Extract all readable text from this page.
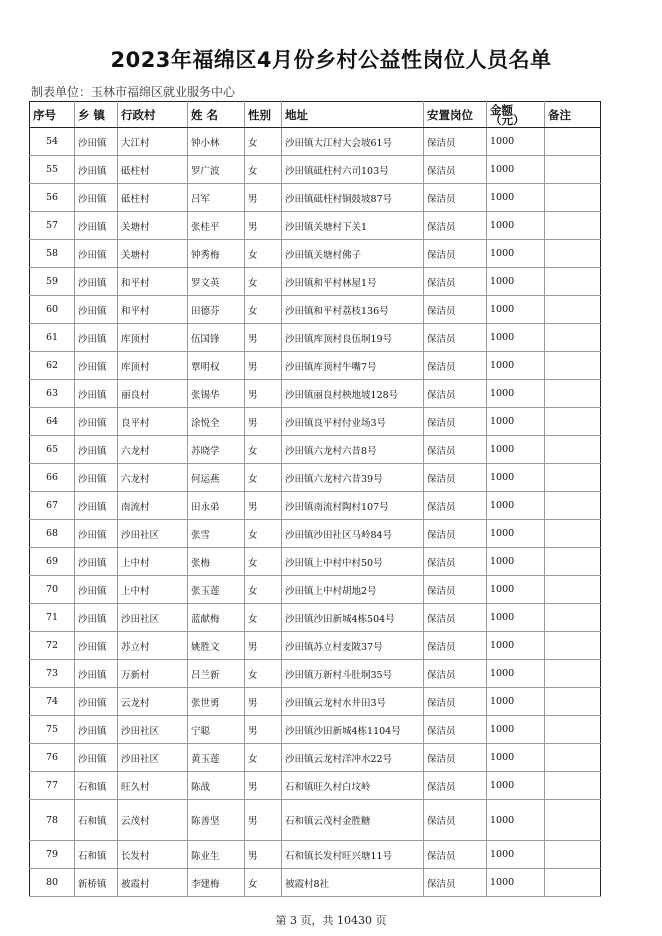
2023年福绵区4月份乡村公益性岗位人员名单
制表单位：玉林市福绵区就业服务中心
序号	乡 镇	行政村	姓 名	性别	地址	安置岗位	金额（元）	备注
54	沙田镇	大江村	钟小林	女	沙田镇大江村大会坡61号	保洁员	1000	
55	沙田镇	砥柱村	罗广波	女	沙田镇砥柱村六司103号	保洁员	1000	
56	沙田镇	砥柱村	吕军	男	沙田镇砥柱村铜鼓坡87号	保洁员	1000	
57	沙田镇	关塘村	张桂平	男	沙田镇关塘村下关1	保洁员	1000	
58	沙田镇	关塘村	钟秀梅	女	沙田镇关塘村佛子	保洁员	1000	
59	沙田镇	和平村	罗文英	女	沙田镇和平村林屋1号	保洁员	1000	
60	沙田镇	和平村	田德芬	女	沙田镇和平村荔枝136号	保洁员	1000	
61	沙田镇	库顶村	伍国锋	男	沙田镇库顶村良伍垌19号	保洁员	1000	
62	沙田镇	库顶村	覃明权	男	沙田镇库顶村牛嘴7号	保洁员	1000	
63	沙田镇	丽良村	张锡华	男	沙田镇丽良村秧地坡128号	保洁员	1000	
64	沙田镇	良平村	涂悦全	男	沙田镇良平村付业场3号	保洁员	1000	
65	沙田镇	六龙村	苏晓学	女	沙田镇六龙村六昔8号	保洁员	1000	
66	沙田镇	六龙村	何运燕	女	沙田镇六龙村六昔39号	保洁员	1000	
67	沙田镇	南流村	田永弟	男	沙田镇南流村陶村107号	保洁员	1000	
68	沙田镇	沙田社区	张雪	女	沙田镇沙田社区马岭84号	保洁员	1000	
69	沙田镇	上中村	张梅	女	沙田镇上中村中村50号	保洁员	1000	
70	沙田镇	上中村	张玉莲	女	沙田镇上中村胡地2号	保洁员	1000	
71	沙田镇	沙田社区	蓝献梅	女	沙田镇沙田新城4栋504号	保洁员	1000	
72	沙田镇	苏立村	姚胜文	男	沙田镇苏立村麦陂37号	保洁员	1000	
73	沙田镇	万新村	吕兰新	女	沙田镇万新村斗肚垌35号	保洁员	1000	
74	沙田镇	云龙村	张世勇	男	沙田镇云龙村水井田3号	保洁员	1000	
75	沙田镇	沙田社区	宁聪	男	沙田镇沙田新城4栋1104号	保洁员	1000	
76	沙田镇	沙田社区	黄玉莲	女	沙田镇云龙村洋冲水22号	保洁员	1000	
77	石和镇	旺久村	陈战	男	石和镇旺久村白坟岭	保洁员	1000	
78	石和镇	云茂村	陈善坚	男	石和镇云茂村金胜糖	保洁员	1000	
79	石和镇	长发村	陈业生	男	石和镇长发村旺兴塘11号	保洁员	1000	
80	新桥镇	被霞村	李建梅	女	被霞村8社	保洁员	1000	
第 3 页，共 10430 页
